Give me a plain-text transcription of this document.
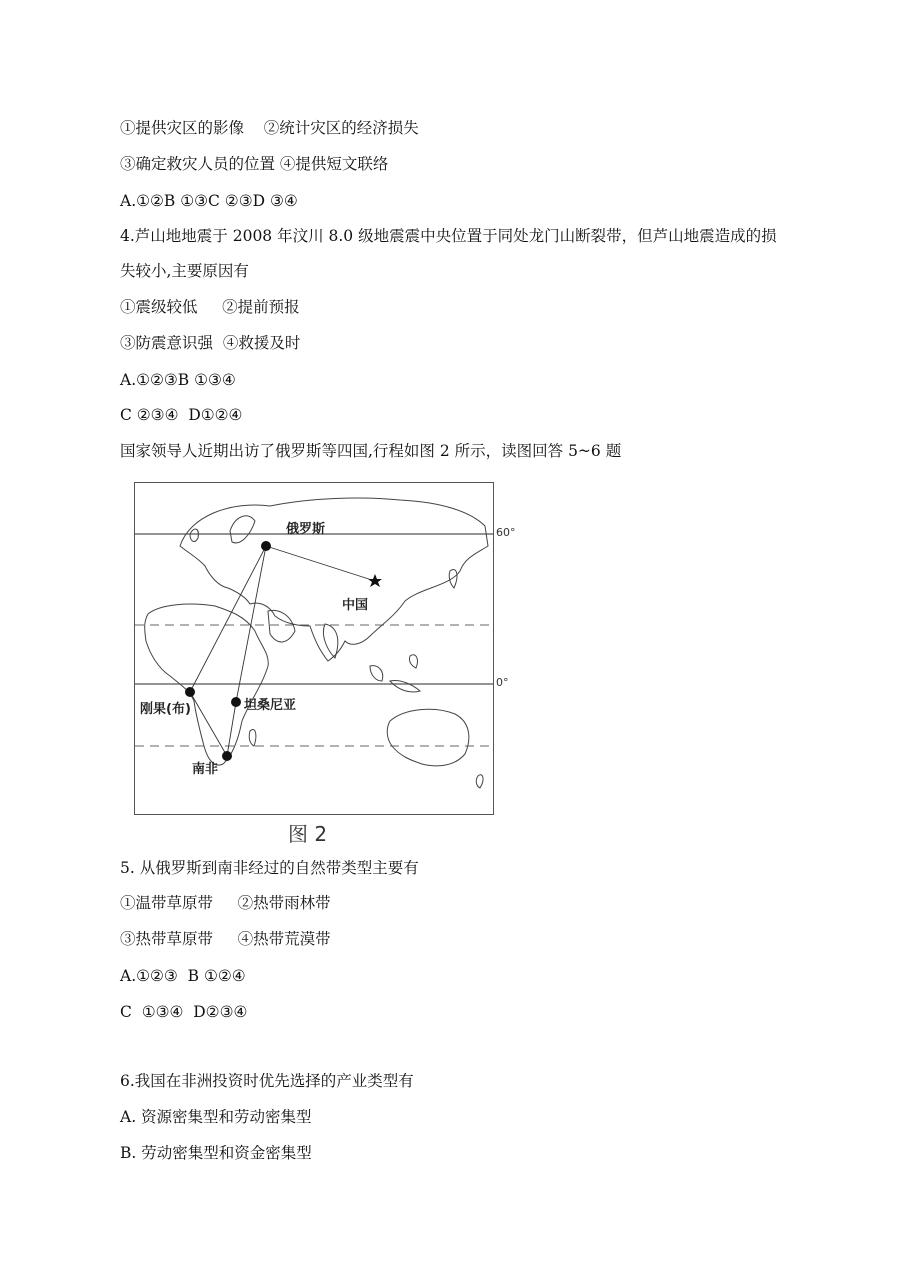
①提供灾区的影像    ②统计灾区的经济损失
③确定救灾人员的位置 ④提供短文联络
A.①②B ①③C ②③D ③④
4.芦山地地震于 2008 年汶川 8.0 级地震震中央位置于同处龙门山断裂带，但芦山地震造成的损
失较小,主要原因有
①震级较低     ②提前预报
③防震意识强  ④救援及时
A.①②③B ①③④
C ②③④  D①②④
国家领导人近期出访了俄罗斯等四国,行程如图 2 所示，读图回答 5~6 题
俄罗斯
中国
刚果(布)	坦桑尼亚
南非
60°
0°
图 2
5. 从俄罗斯到南非经过的自然带类型主要有
①温带草原带     ②热带雨林带
③热带草原带     ④热带荒漠带
A.①②③  B ①②④
C  ①③④  D②③④
6.我国在非洲投资时优先选择的产业类型有
A. 资源密集型和劳动密集型
B. 劳动密集型和资金密集型
